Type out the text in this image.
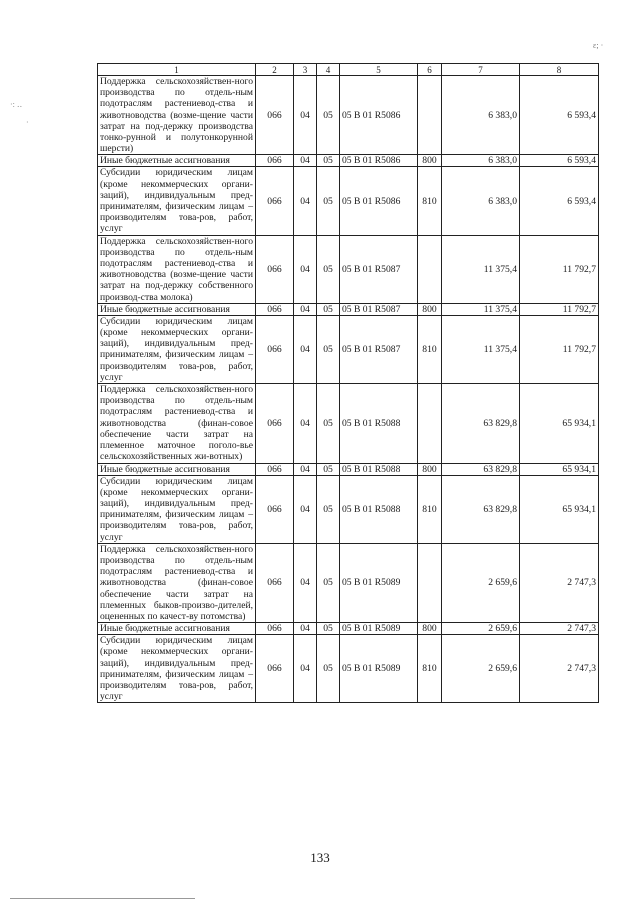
ε; ·
·: ‥
·
1	2	3	4	5	6	7	8
Поддержка сельскохозяйствен-ного производства по отдель-ным подотраслям растениевод-ства и животноводства (возме-щение части затрат на под-держку производства тонко-рунной и полутонкорунной шерсти)	066	04	05	05 В 01 R5086		6 383,0	6 593,4
Иные бюджетные ассигнования	066	04	05	05 В 01 R5086	800	6 383,0	6 593,4
Субсидии юридическим лицам (кроме некоммерческих органи-заций), индивидуальным пред-принимателям, физическим лицам – производителям това-ров, работ, услуг	066	04	05	05 В 01 R5086	810	6 383,0	6 593,4
Поддержка сельскохозяйствен-ного производства по отдель-ным подотраслям растениевод-ства и животноводства (возме-щение части затрат на под-держку собственного производ-ства молока)	066	04	05	05 В 01 R5087		11 375,4	11 792,7
Иные бюджетные ассигнования	066	04	05	05 В 01 R5087	800	11 375,4	11 792,7
Субсидии юридическим лицам (кроме некоммерческих органи-заций), индивидуальным пред-принимателям, физическим лицам – производителям това-ров, работ, услуг	066	04	05	05 В 01 R5087	810	11 375,4	11 792,7
Поддержка сельскохозяйствен-ного производства по отдель-ным подотраслям растениевод-ства и животноводства (финан-совое обеспечение части затрат на племенное маточное поголо-вье сельскохозяйственных жи-вотных)	066	04	05	05 В 01 R5088		63 829,8	65 934,1
Иные бюджетные ассигнования	066	04	05	05 В 01 R5088	800	63 829,8	65 934,1
Субсидии юридическим лицам (кроме некоммерческих органи-заций), индивидуальным пред-принимателям, физическим лицам – производителям това-ров, работ, услуг	066	04	05	05 В 01 R5088	810	63 829,8	65 934,1
Поддержка сельскохозяйствен-ного производства по отдель-ным подотраслям растениевод-ства и животноводства (финан-совое обеспечение части затрат на племенных быков-произво-дителей, оцененных по качест-ву потомства)	066	04	05	05 В 01 R5089		2 659,6	2 747,3
Иные бюджетные ассигнования	066	04	05	05 В 01 R5089	800	2 659,6	2 747,3
Субсидии юридическим лицам (кроме некоммерческих органи-заций), индивидуальным пред-принимателям, физическим лицам – производителям това-ров, работ, услуг	066	04	05	05 В 01 R5089	810	2 659,6	2 747,3
133
